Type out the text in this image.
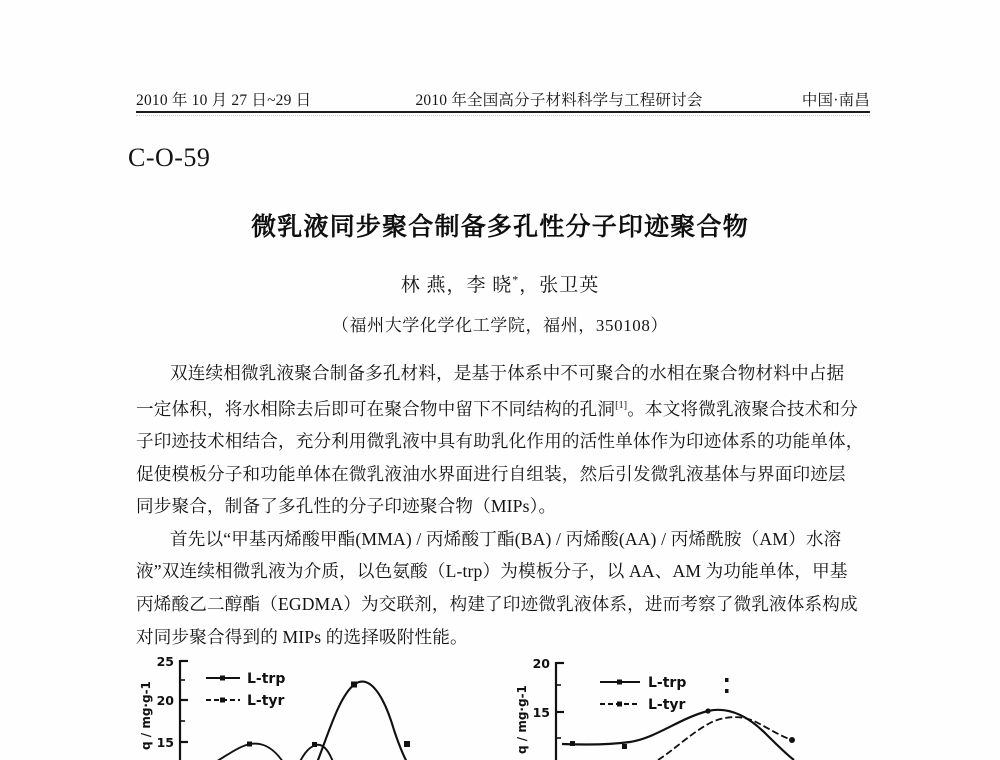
2010 年 10 月 27 日~29 日	2010 年全国高分子材料科学与工程研讨会	中国·南昌
C-O-59
微乳液同步聚合制备多孔性分子印迹聚合物
林 燕，李 晓*，张卫英
（福州大学化学化工学院，福州，350108）
双连续相微乳液聚合制备多孔材料，是基于体系中不可聚合的水相在聚合物材料中占据
一定体积，将水相除去后即可在聚合物中留下不同结构的孔洞[1]。本文将微乳液聚合技术和分
子印迹技术相结合，充分利用微乳液中具有助乳化作用的活性单体作为印迹体系的功能单体，
促使模板分子和功能单体在微乳液油水界面进行自组装，然后引发微乳液基体与界面印迹层
同步聚合，制备了多孔性的分子印迹聚合物（MIPs）。
首先以“甲基丙烯酸甲酯(MMA) / 丙烯酸丁酯(BA) / 丙烯酸(AA) / 丙烯酰胺（AM）水溶
液”双连续相微乳液为介质，以色氨酸（L-trp）为模板分子，以 AA、AM 为功能单体，甲基
丙烯酸乙二醇酯（EGDMA）为交联剂，构建了印迹微乳液体系，进而考察了微乳液体系构成
对同步聚合得到的 MIPs 的选择吸附性能。
25
20
15
q / mg·g-1
L-trp
L-tyr
20
15
q / mg·g-1
L-trp
L-tyr
